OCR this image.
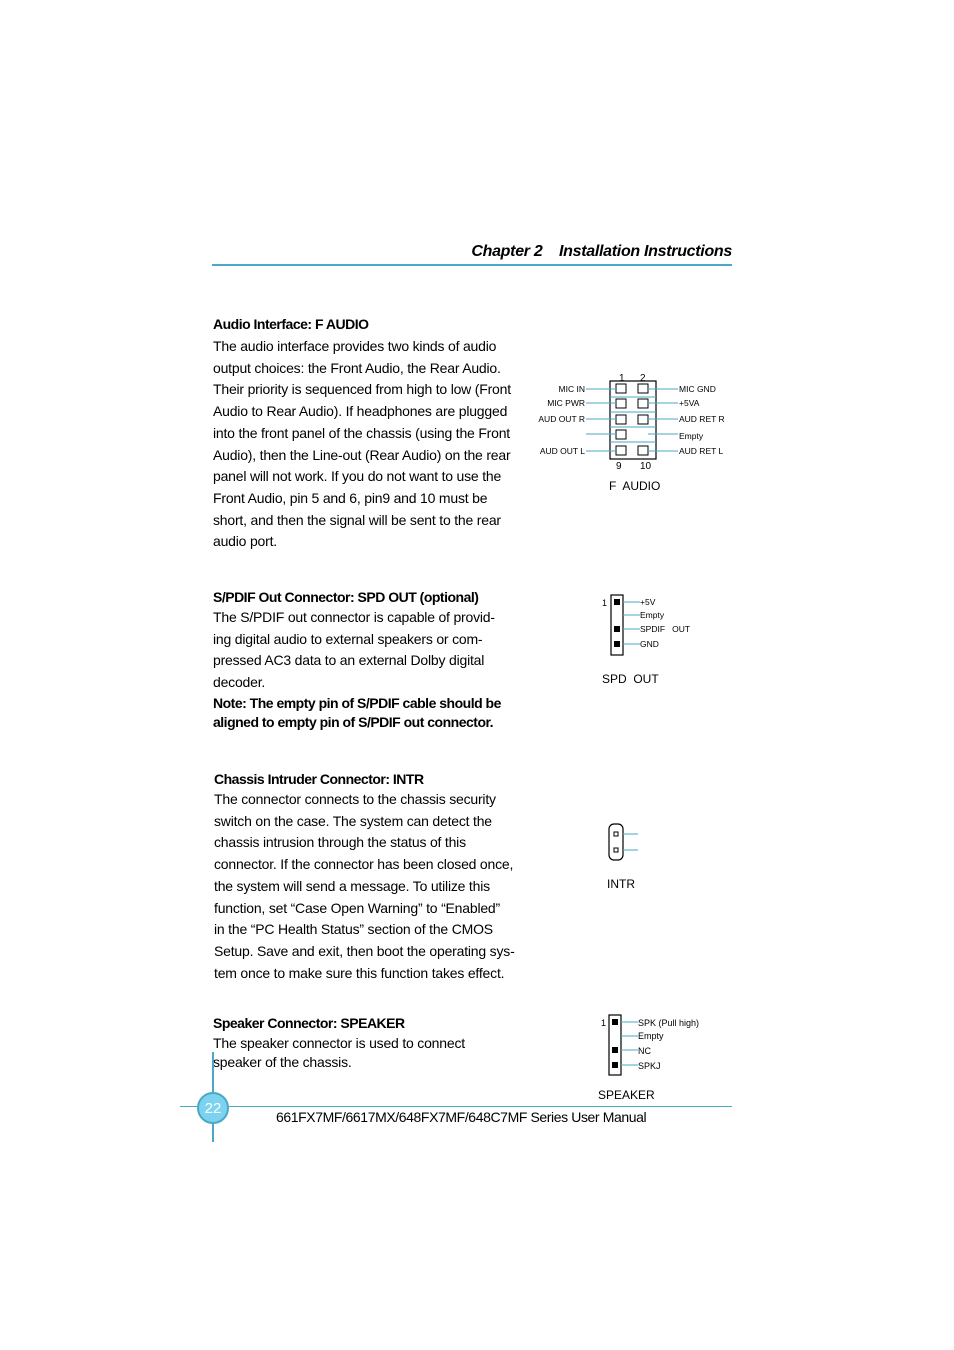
Chapter 2    Installation Instructions
Audio Interface: F AUDIO
The audio interface provides two kinds of audio
output choices: the Front Audio, the Rear Audio.
Their priority is sequenced from high to low (Front
Audio to Rear Audio). If headphones are plugged
into the front panel of the chassis (using the Front
Audio), then the Line-out (Rear Audio) on the rear
panel will not work. If you do not want to use the
Front Audio, pin 5 and 6, pin9 and 10 must be
short, and then the signal will be sent to the rear
audio port.
1 2
MIC IN
MIC PWR
AUD OUT R
AUD OUT L
MIC GND
+5VA
AUD RET R
Empty
AUD RET L
9 10
F  AUDIO
S/PDIF Out Connector: SPD OUT (optional)
The S/PDIF out connector is capable of provid-
ing digital audio to external speakers or com-
pressed AC3 data to an external Dolby digital
decoder.
Note: The empty pin of S/PDIF cable should be
aligned to empty pin of S/PDIF out connector.
1	+5V
Empty
SPDIF   OUT
GND
SPD  OUT
Chassis Intruder Connector: INTR
The connector connects to the chassis security
switch on the case. The system can detect the
chassis intrusion through the status of this
connector. If the connector has been closed once,
the system will send a message. To utilize this
function, set “Case Open Warning” to “Enabled”
in the “PC Health Status” section of the CMOS
Setup. Save and exit, then boot the operating sys-
tem once to make sure this function takes effect.
INTR
Speaker Connector: SPEAKER
The speaker connector is used to connect
speaker of the chassis.
1	SPK (Pull high)
Empty
NC
SPKJ
SPEAKER
22
661FX7MF/6617MX/648FX7MF/648C7MF Series User Manual
